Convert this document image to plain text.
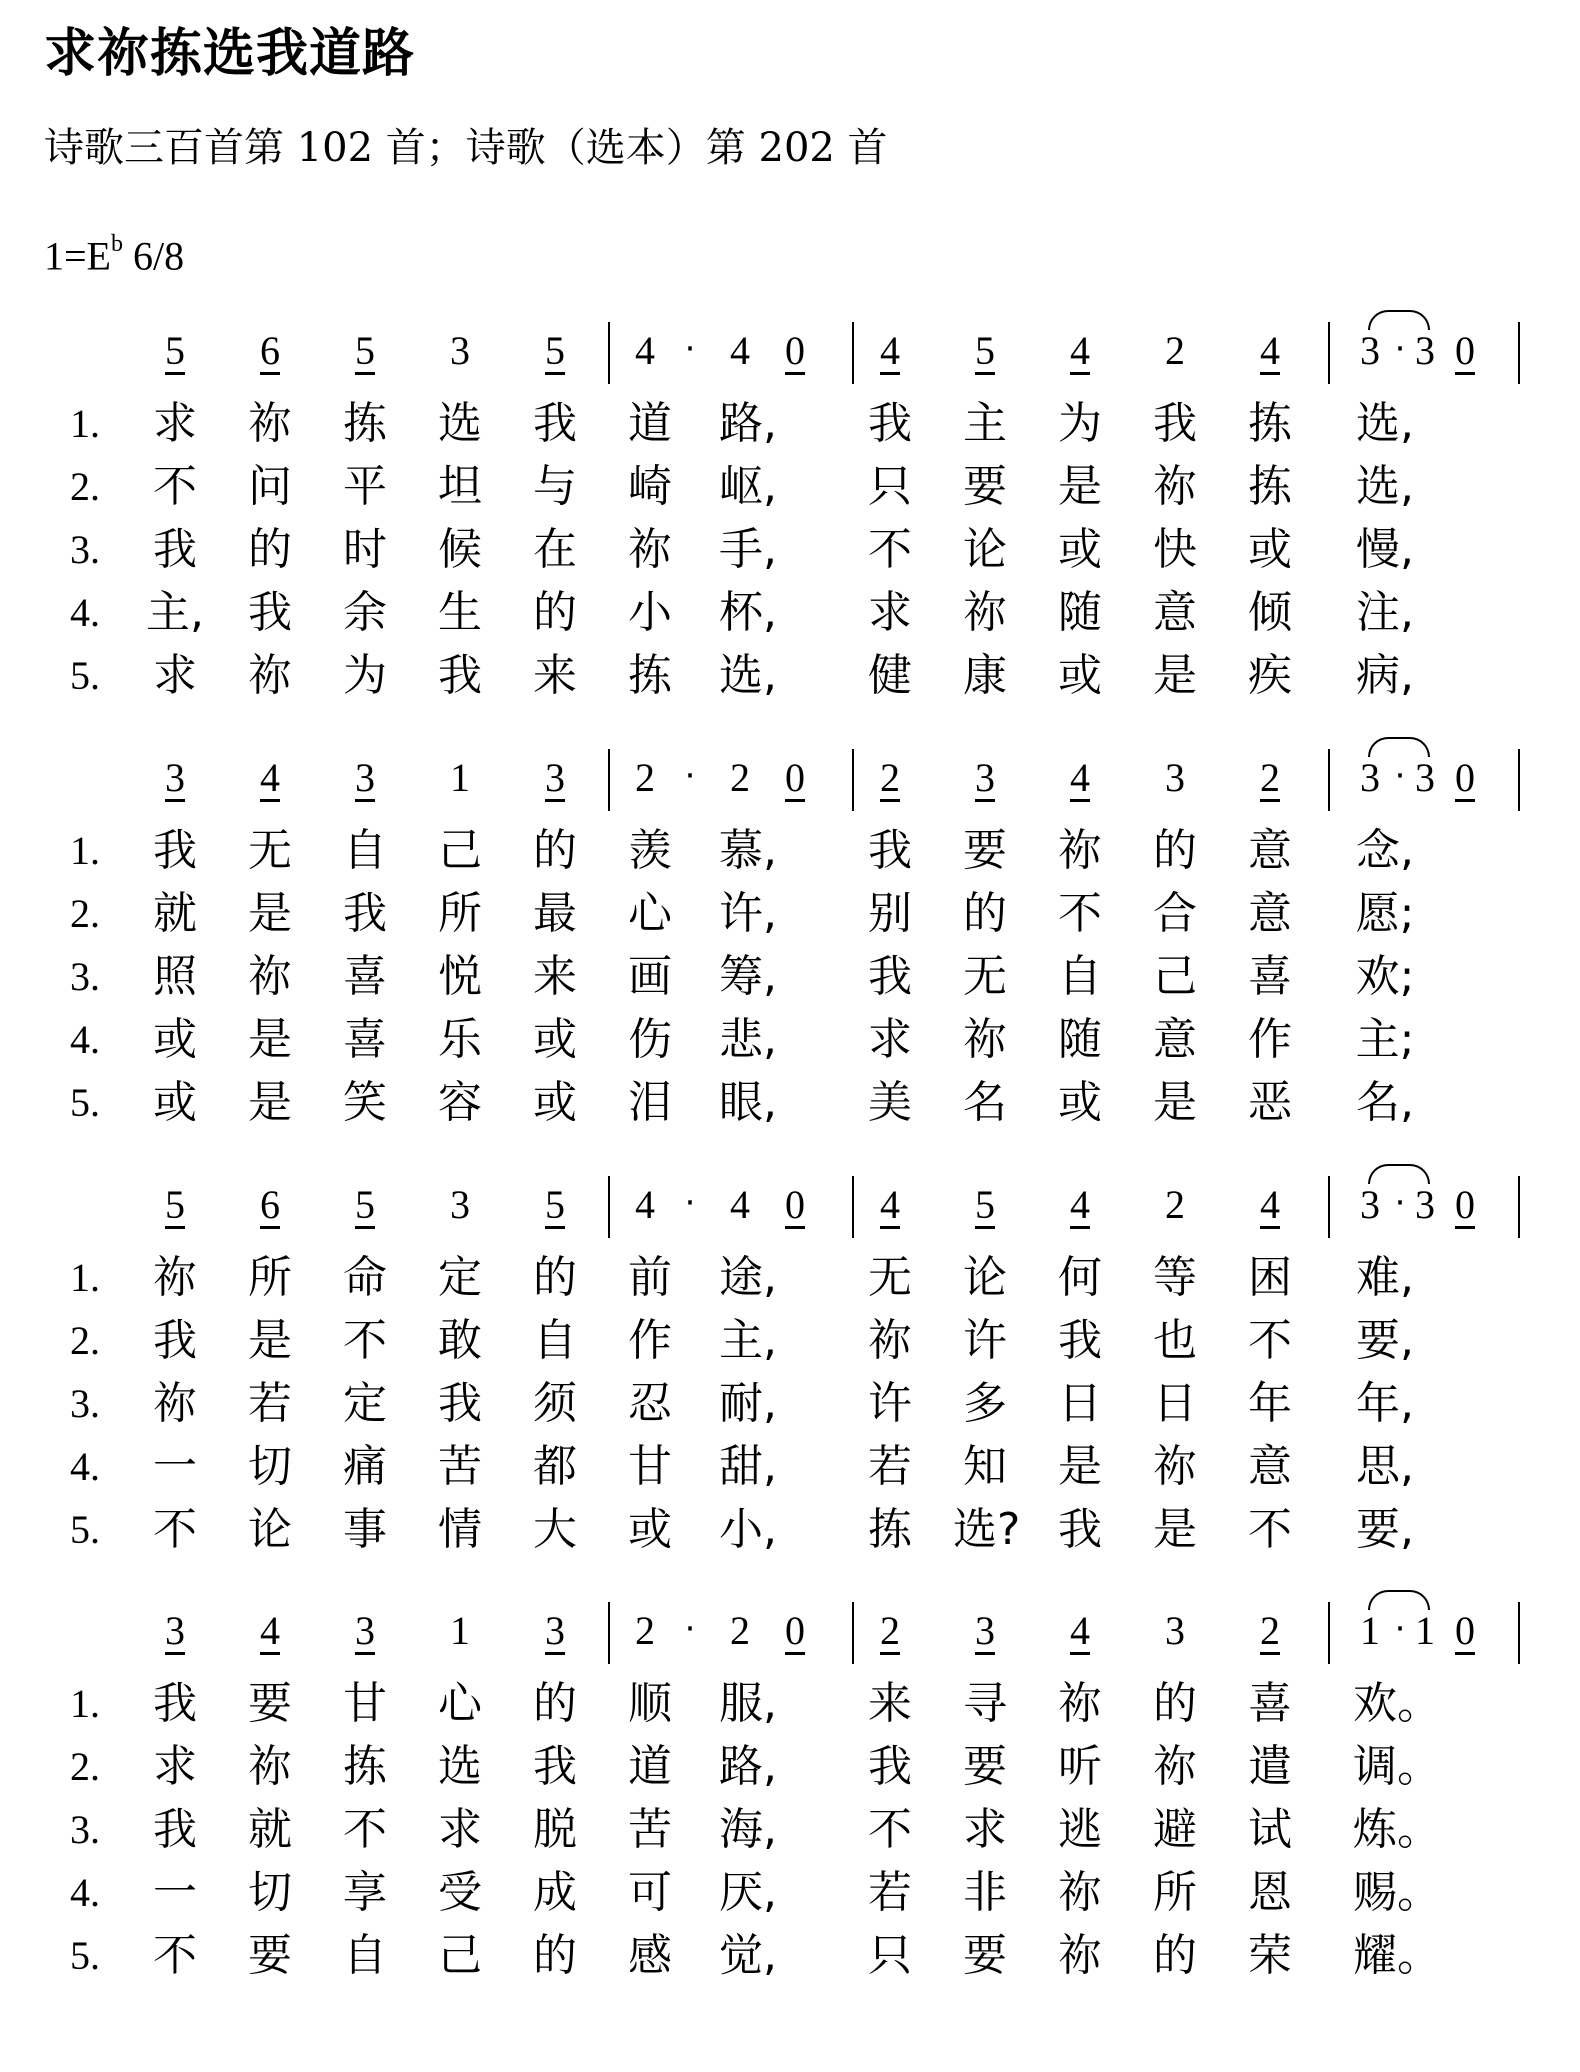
求祢拣选我道路
诗歌三百首第 102 首；诗歌（选本）第 202 首
$1=E^b$ 6/8
5 6 5 3 5 4 4 0 4 5 4 2 4 3 3 0
·	·
1. 求 祢 拣 选 我 道 路, 我 主 为 我 拣 选,
2. 不 问 平 坦 与 崎 岖, 只 要 是 祢 拣 选,
3. 我 的 时 候 在 祢 手, 不 论 或 快 或 慢,
4. 主, 我 余 生 的 小 杯, 求 祢 随 意 倾 注,
5. 求 祢 为 我 来 拣 选, 健 康 或 是 疾 病,
3 4 3 1 3 2 2 0 2 3 4 3 2 3 3 0
·	·
1. 我 无 自 己 的 羡 慕, 我 要 祢 的 意 念,
2. 就 是 我 所 最 心 许, 别 的 不 合 意 愿;
3. 照 祢 喜 悦 来 画 筹, 我 无 自 己 喜 欢;
4. 或 是 喜 乐 或 伤 悲, 求 祢 随 意 作 主;
5. 或 是 笑 容 或 泪 眼, 美 名 或 是 恶 名,
5 6 5 3 5 4 4 0 4 5 4 2 4 3 3 0
·	·
1. 祢 所 命 定 的 前 途, 无 论 何 等 困 难,
2. 我 是 不 敢 自 作 主, 祢 许 我 也 不 要,
3. 祢 若 定 我 须 忍 耐, 许 多 日 日 年 年,
4. 一 切 痛 苦 都 甘 甜, 若 知 是 祢 意 思,
5. 不 论 事 情 大 或 小, 拣 选? 我 是 不 要,
3 4 3 1 3 2 2 0 2 3 4 3 2 1 1 0
·	·
1. 我 要 甘 心 的 顺 服, 来 寻 祢 的 喜 欢。
2. 求 祢 拣 选 我 道 路, 我 要 听 祢 遣 调。
3. 我 就 不 求 脱 苦 海, 不 求 逃 避 试 炼。
4. 一 切 享 受 成 可 厌, 若 非 祢 所 恩 赐。
5. 不 要 自 己 的 感 觉, 只 要 祢 的 荣 耀。
